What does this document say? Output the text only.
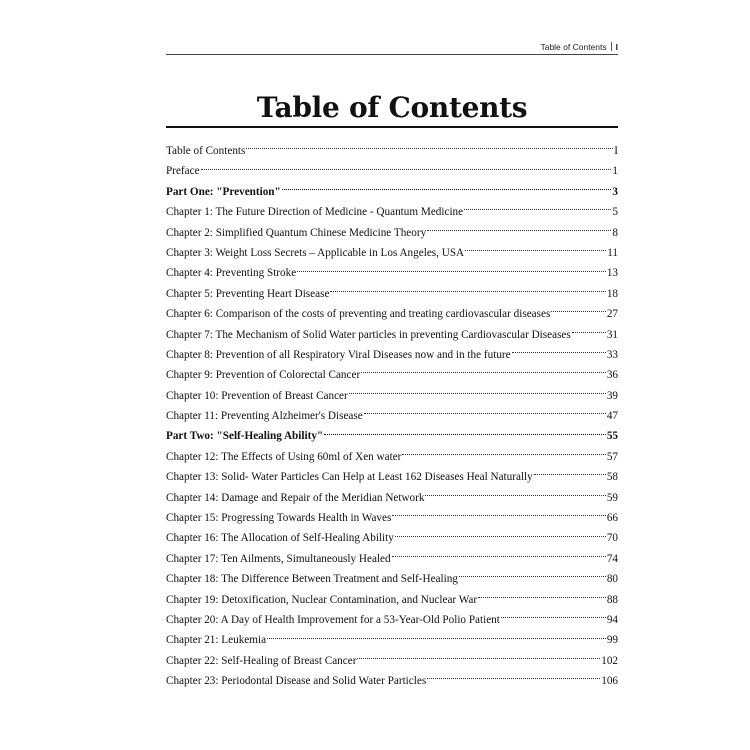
Table of Contents I
Table of Contents
Table of Contents	I
Preface	1
Part One: "Prevention"	3
Chapter 1: The Future Direction of Medicine - Quantum Medicine	5
Chapter 2: Simplified Quantum Chinese Medicine Theory	8
Chapter 3: Weight Loss Secrets – Applicable in Los Angeles, USA	11
Chapter 4: Preventing Stroke	13
Chapter 5: Preventing Heart Disease	18
Chapter 6: Comparison of the costs of preventing and treating cardiovascular diseases	27
Chapter 7: The Mechanism of Solid Water particles in preventing Cardiovascular Diseases	31
Chapter 8: Prevention of all Respiratory Viral Diseases now and in the future	33
Chapter 9: Prevention of Colorectal Cancer	36
Chapter 10: Prevention of Breast Cancer	39
Chapter 11: Preventing Alzheimer's Disease	47
Part Two: "Self-Healing Ability"	55
Chapter 12: The Effects of Using 60ml of Xen water	57
Chapter 13: Solid- Water Particles Can Help at Least 162 Diseases Heal Naturally	58
Chapter 14: Damage and Repair of the Meridian Network	59
Chapter 15: Progressing Towards Health in Waves	66
Chapter 16: The Allocation of Self-Healing Ability	70
Chapter 17: Ten Ailments, Simultaneously Healed	74
Chapter 18: The Difference Between Treatment and Self-Healing	80
Chapter 19: Detoxification, Nuclear Contamination, and Nuclear War	88
Chapter 20: A Day of Health Improvement for a 53-Year-Old Polio Patient	94
Chapter 21: Leukemia	99
Chapter 22: Self-Healing of Breast Cancer	102
Chapter 23: Periodontal Disease and Solid Water Particles	106
